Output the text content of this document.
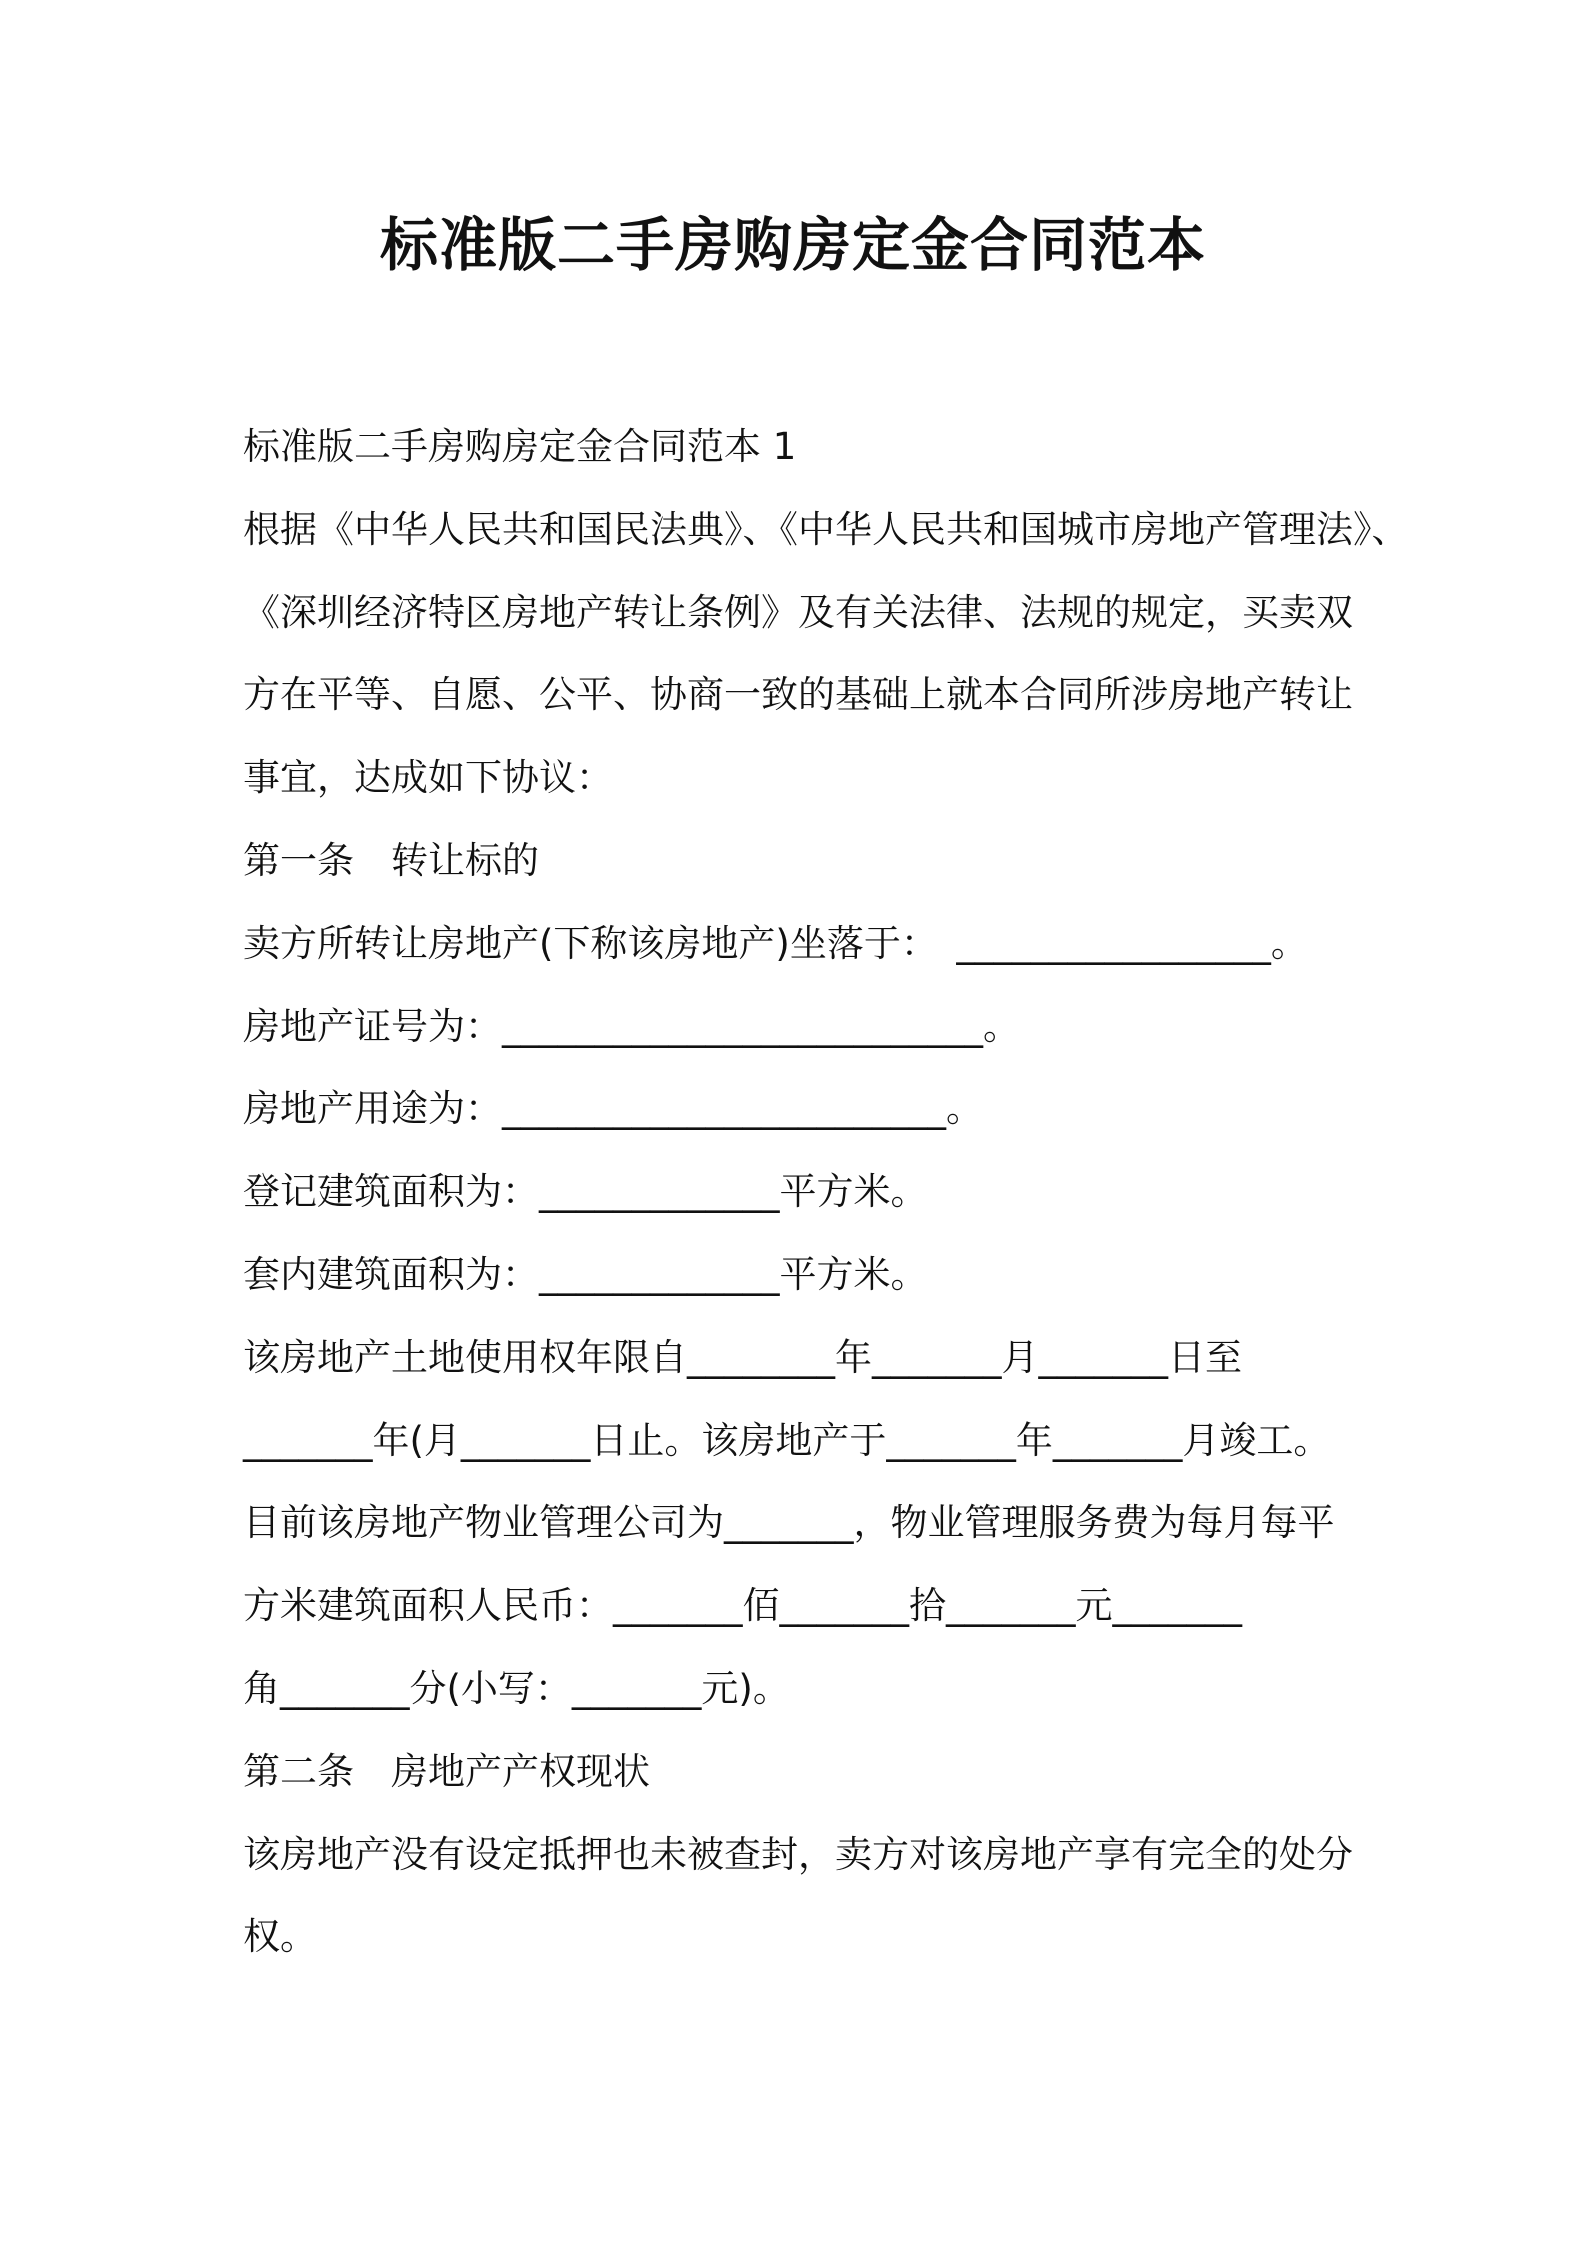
标准版二手房购房定金合同范本
标准版二手房购房定金合同范本 1
根据《中华人民共和国民法典》、《中华人民共和国城市房地产管理法》、
《深圳经济特区房地产转让条例》及有关法律、法规的规定，买卖双
方在平等、自愿、公平、协商一致的基础上就本合同所涉房地产转让
事宜，达成如下协议：
第一条　转让标的
卖方所转让房地产(下称该房地产)坐落于：　_________________。
房地产证号为：__________________________。
房地产用途为：________________________。
登记建筑面积为：_____________平方米。
套内建筑面积为：_____________平方米。
该房地产土地使用权年限自________年_______月_______日至
_______年(月_______日止。该房地产于_______年_______月竣工。
目前该房地产物业管理公司为_______，物业管理服务费为每月每平
方米建筑面积人民币：_______佰_______拾_______元_______
角_______分(小写：_______元)。
第二条　房地产产权现状
该房地产没有设定抵押也未被查封，卖方对该房地产享有完全的处分
权。
